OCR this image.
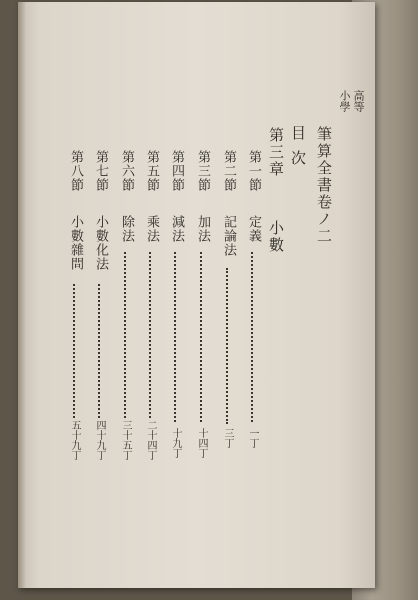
高等
小學
筆算全書卷ノ二
目次
第三章
小數
第一節
定義
一丁
第二節
記論法
三丁
第三節
加法
十四丁
第四節
減法
十九丁
第五節
乘法
二十四丁
第六節
除法
三十五丁
第七節
小數化法
四十九丁
第八節
小數雜問
五十九丁
